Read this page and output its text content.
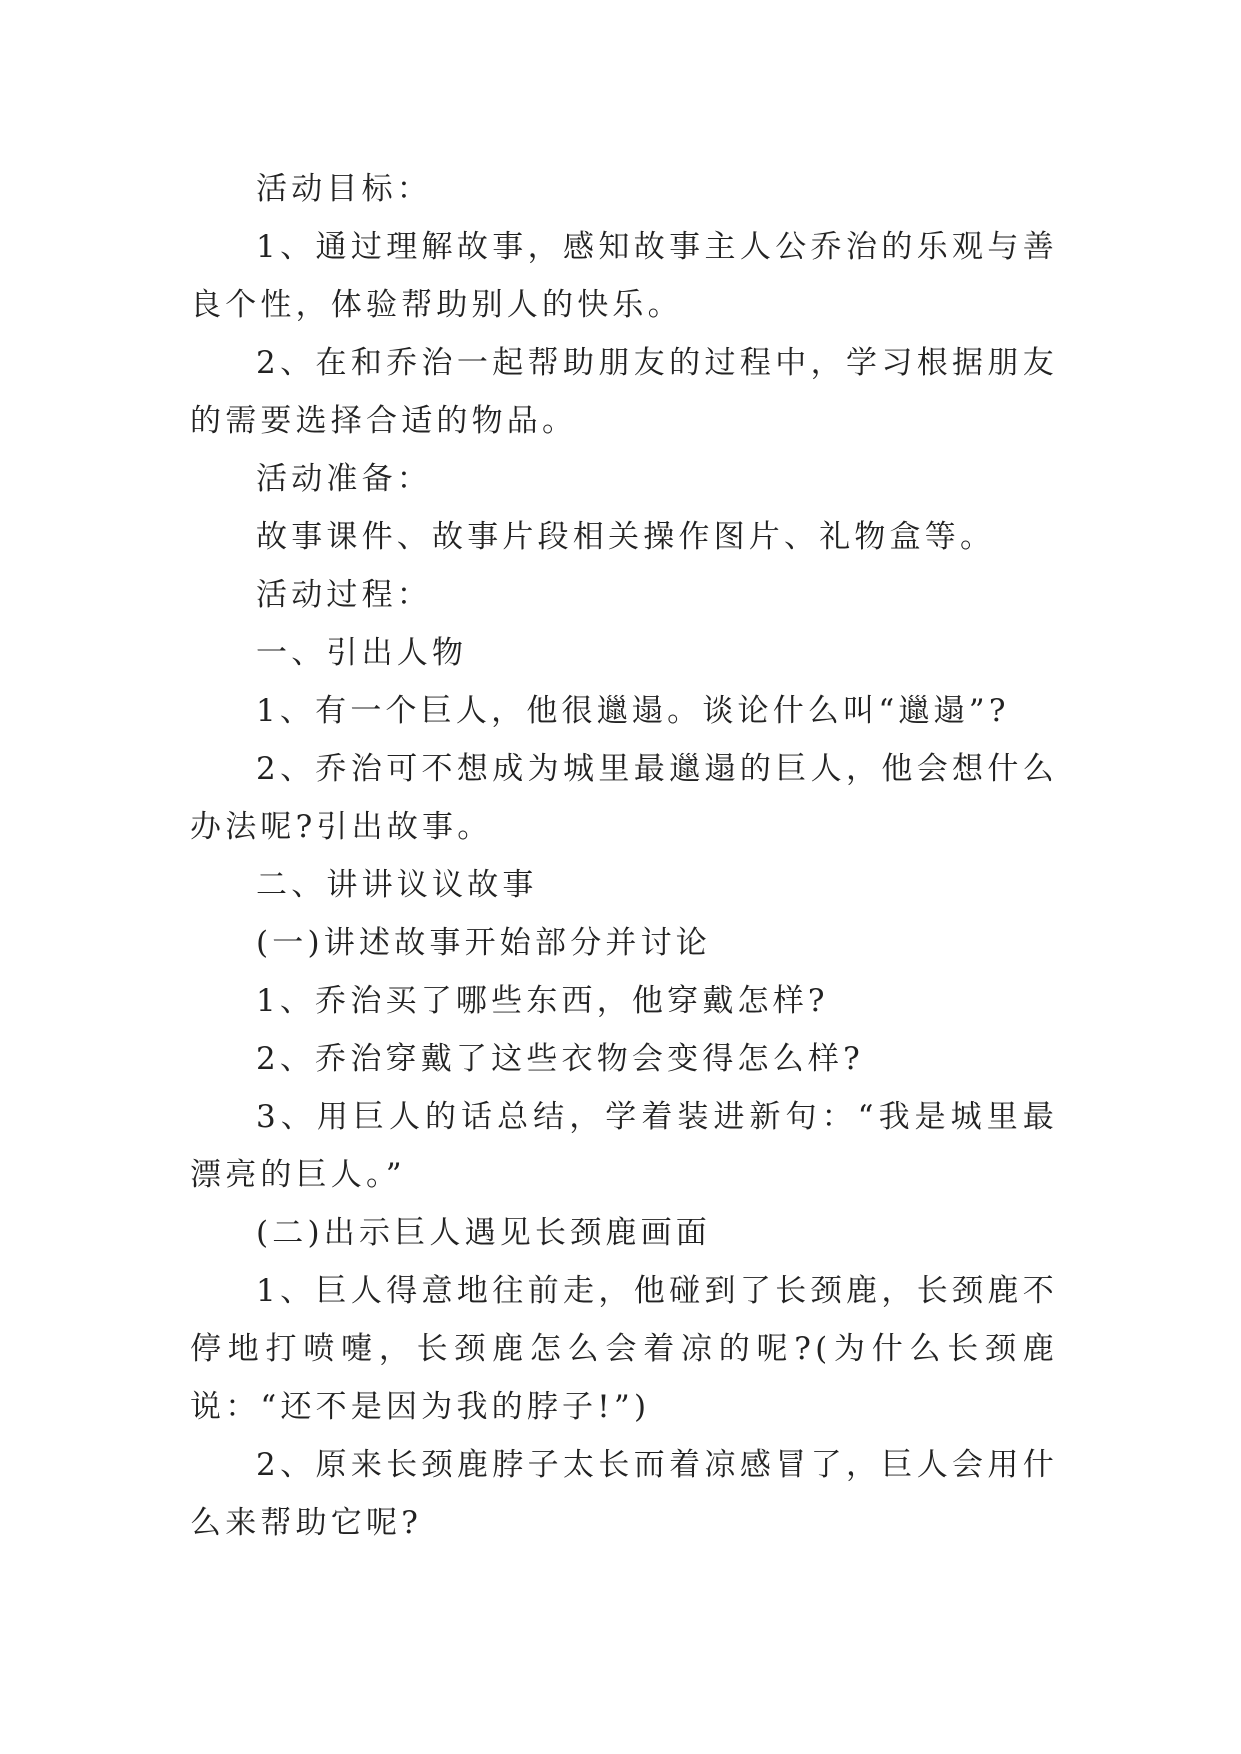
活动目标：

1、通过理解故事，感知故事主人公乔治的乐观与善良个性，体验帮助别人的快乐。

2、在和乔治一起帮助朋友的过程中，学习根据朋友的需要选择合适的物品。

活动准备：

故事课件、故事片段相关操作图片、礼物盒等。

活动过程：

一、引出人物

1、有一个巨人，他很邋遢。谈论什么叫“邋遢”?

2、乔治可不想成为城里最邋遢的巨人，他会想什么办法呢?引出故事。

二、讲讲议议故事

(一)讲述故事开始部分并讨论

1、乔治买了哪些东西，他穿戴怎样?

2、乔治穿戴了这些衣物会变得怎么样?

3、用巨人的话总结，学着装进新句：“我是城里最漂亮的巨人。”

(二)出示巨人遇见长颈鹿画面

1、巨人得意地往前走，他碰到了长颈鹿，长颈鹿不停地打喷嚏，长颈鹿怎么会着凉的呢?(为什么长颈鹿说：“还不是因为我的脖子!”)

2、原来长颈鹿脖子太长而着凉感冒了，巨人会用什么来帮助它呢?
